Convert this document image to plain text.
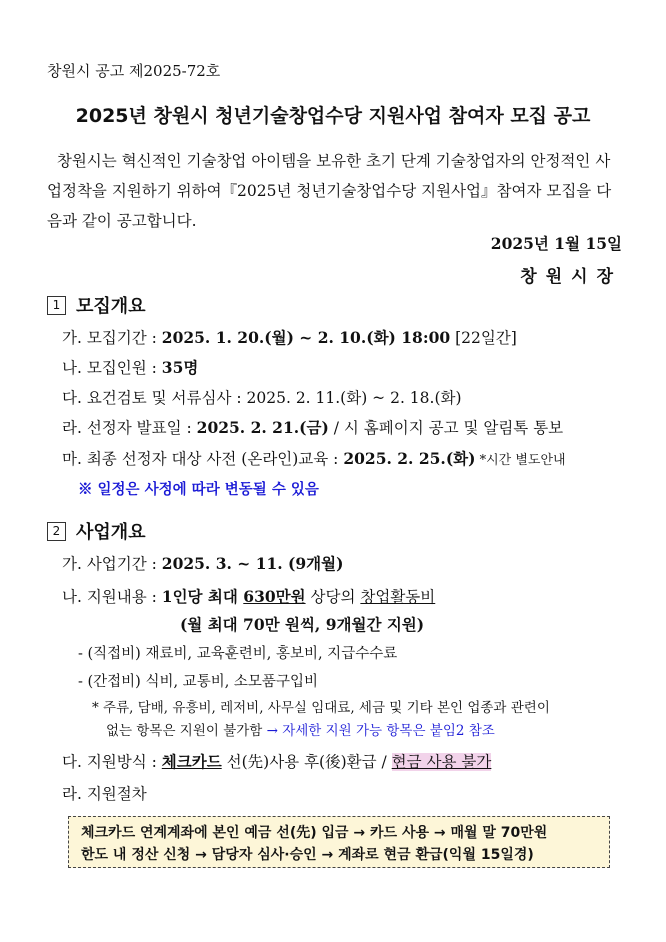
창원시 공고 제2025-72호
2025년 창원시 청년기술창업수당 지원사업 참여자 모집 공고
창원시는 혁신적인 기술창업 아이템을 보유한 초기 단계 기술창업자의 안정적인 사업정착을 지원하기 위하여『2025년 청년기술창업수당 지원사업』참여자 모집을 다음과 같이 공고합니다.
2025년 1월 15일
창원시장
1 모집개요
가. 모집기간 : 2025. 1. 20.(월) ~ 2. 10.(화) 18:00 [22일간]
나. 모집인원 : 35명
다. 요건검토 및 서류심사 : 2025. 2. 11.(화) ~ 2. 18.(화)
라. 선정자 발표일 : 2025. 2. 21.(금) / 시 홈페이지 공고 및 알림톡 통보
마. 최종 선정자 대상 사전 (온라인)교육 : 2025. 2. 25.(화) *시간 별도안내
※ 일정은 사정에 따라 변동될 수 있음
2 사업개요
가. 사업기간 : 2025. 3. ~ 11. (9개월)
나. 지원내용 : 1인당 최대 630만원 상당의 창업활동비
(월 최대 70만 원씩, 9개월간 지원)
- (직접비) 재료비, 교육훈련비, 홍보비, 지급수수료
- (간접비) 식비, 교통비, 소모품구입비
* 주류, 담배, 유흥비, 레저비, 사무실 임대료, 세금 및 기타 본인 업종과 관련이
없는 항목은 지원이 불가함 → 자세한 지원 가능 항목은 붙임2 참조
다. 지원방식 : 체크카드 선(先)사용 후(後)환급 / 현금 사용 불가
라. 지원절차
체크카드 연계계좌에 본인 예금 선(先) 입금 → 카드 사용 → 매월 말 70만원
한도 내 정산 신청 → 담당자 심사·승인 → 계좌로 현금 환급(익월 15일경)
